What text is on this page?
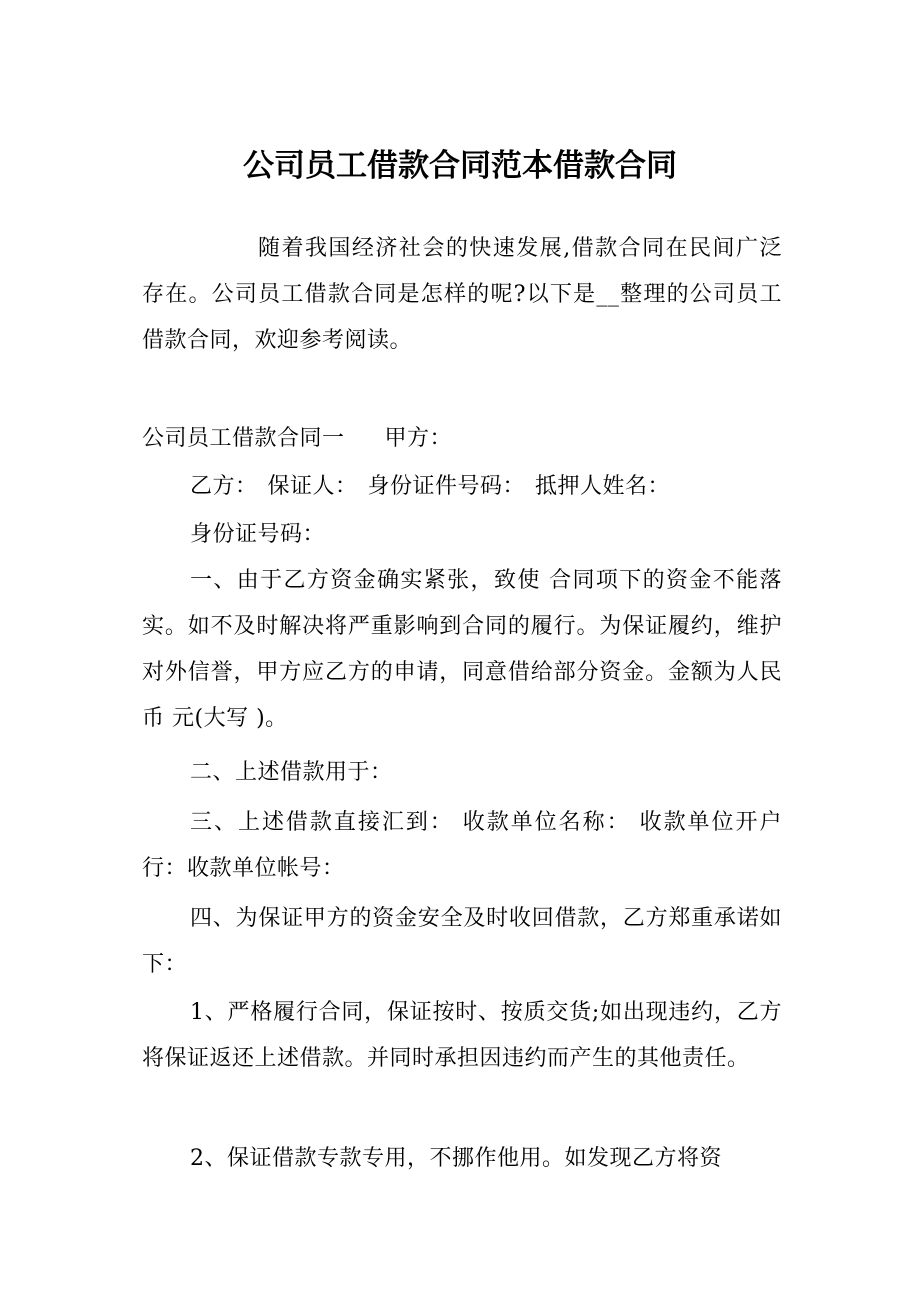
公司员工借款合同范本借款合同

随着我国经济社会的快速发展,借款合同在民间广泛存在。公司员工借款合同是怎样的呢?以下是__整理的公司员工借款合同，欢迎参考阅读。

公司员工借款合同一 甲方：

乙方： 保证人： 身份证件号码： 抵押人姓名：

身份证号码：

一、由于乙方资金确实紧张，致使 合同项下的资金不能落实。如不及时解决将严重影响到合同的履行。为保证履约，维护对外信誉，甲方应乙方的申请，同意借给部分资金。金额为人民币 元(大写 )。

二、上述借款用于：

三、上述借款直接汇到： 收款单位名称： 收款单位开户行：收款单位帐号：

四、为保证甲方的资金安全及时收回借款，乙方郑重承诺如下：

1、严格履行合同，保证按时、按质交货;如出现违约，乙方将保证返还上述借款。并同时承担因违约而产生的其他责任。

2、保证借款专款专用，不挪作他用。如发现乙方将资
